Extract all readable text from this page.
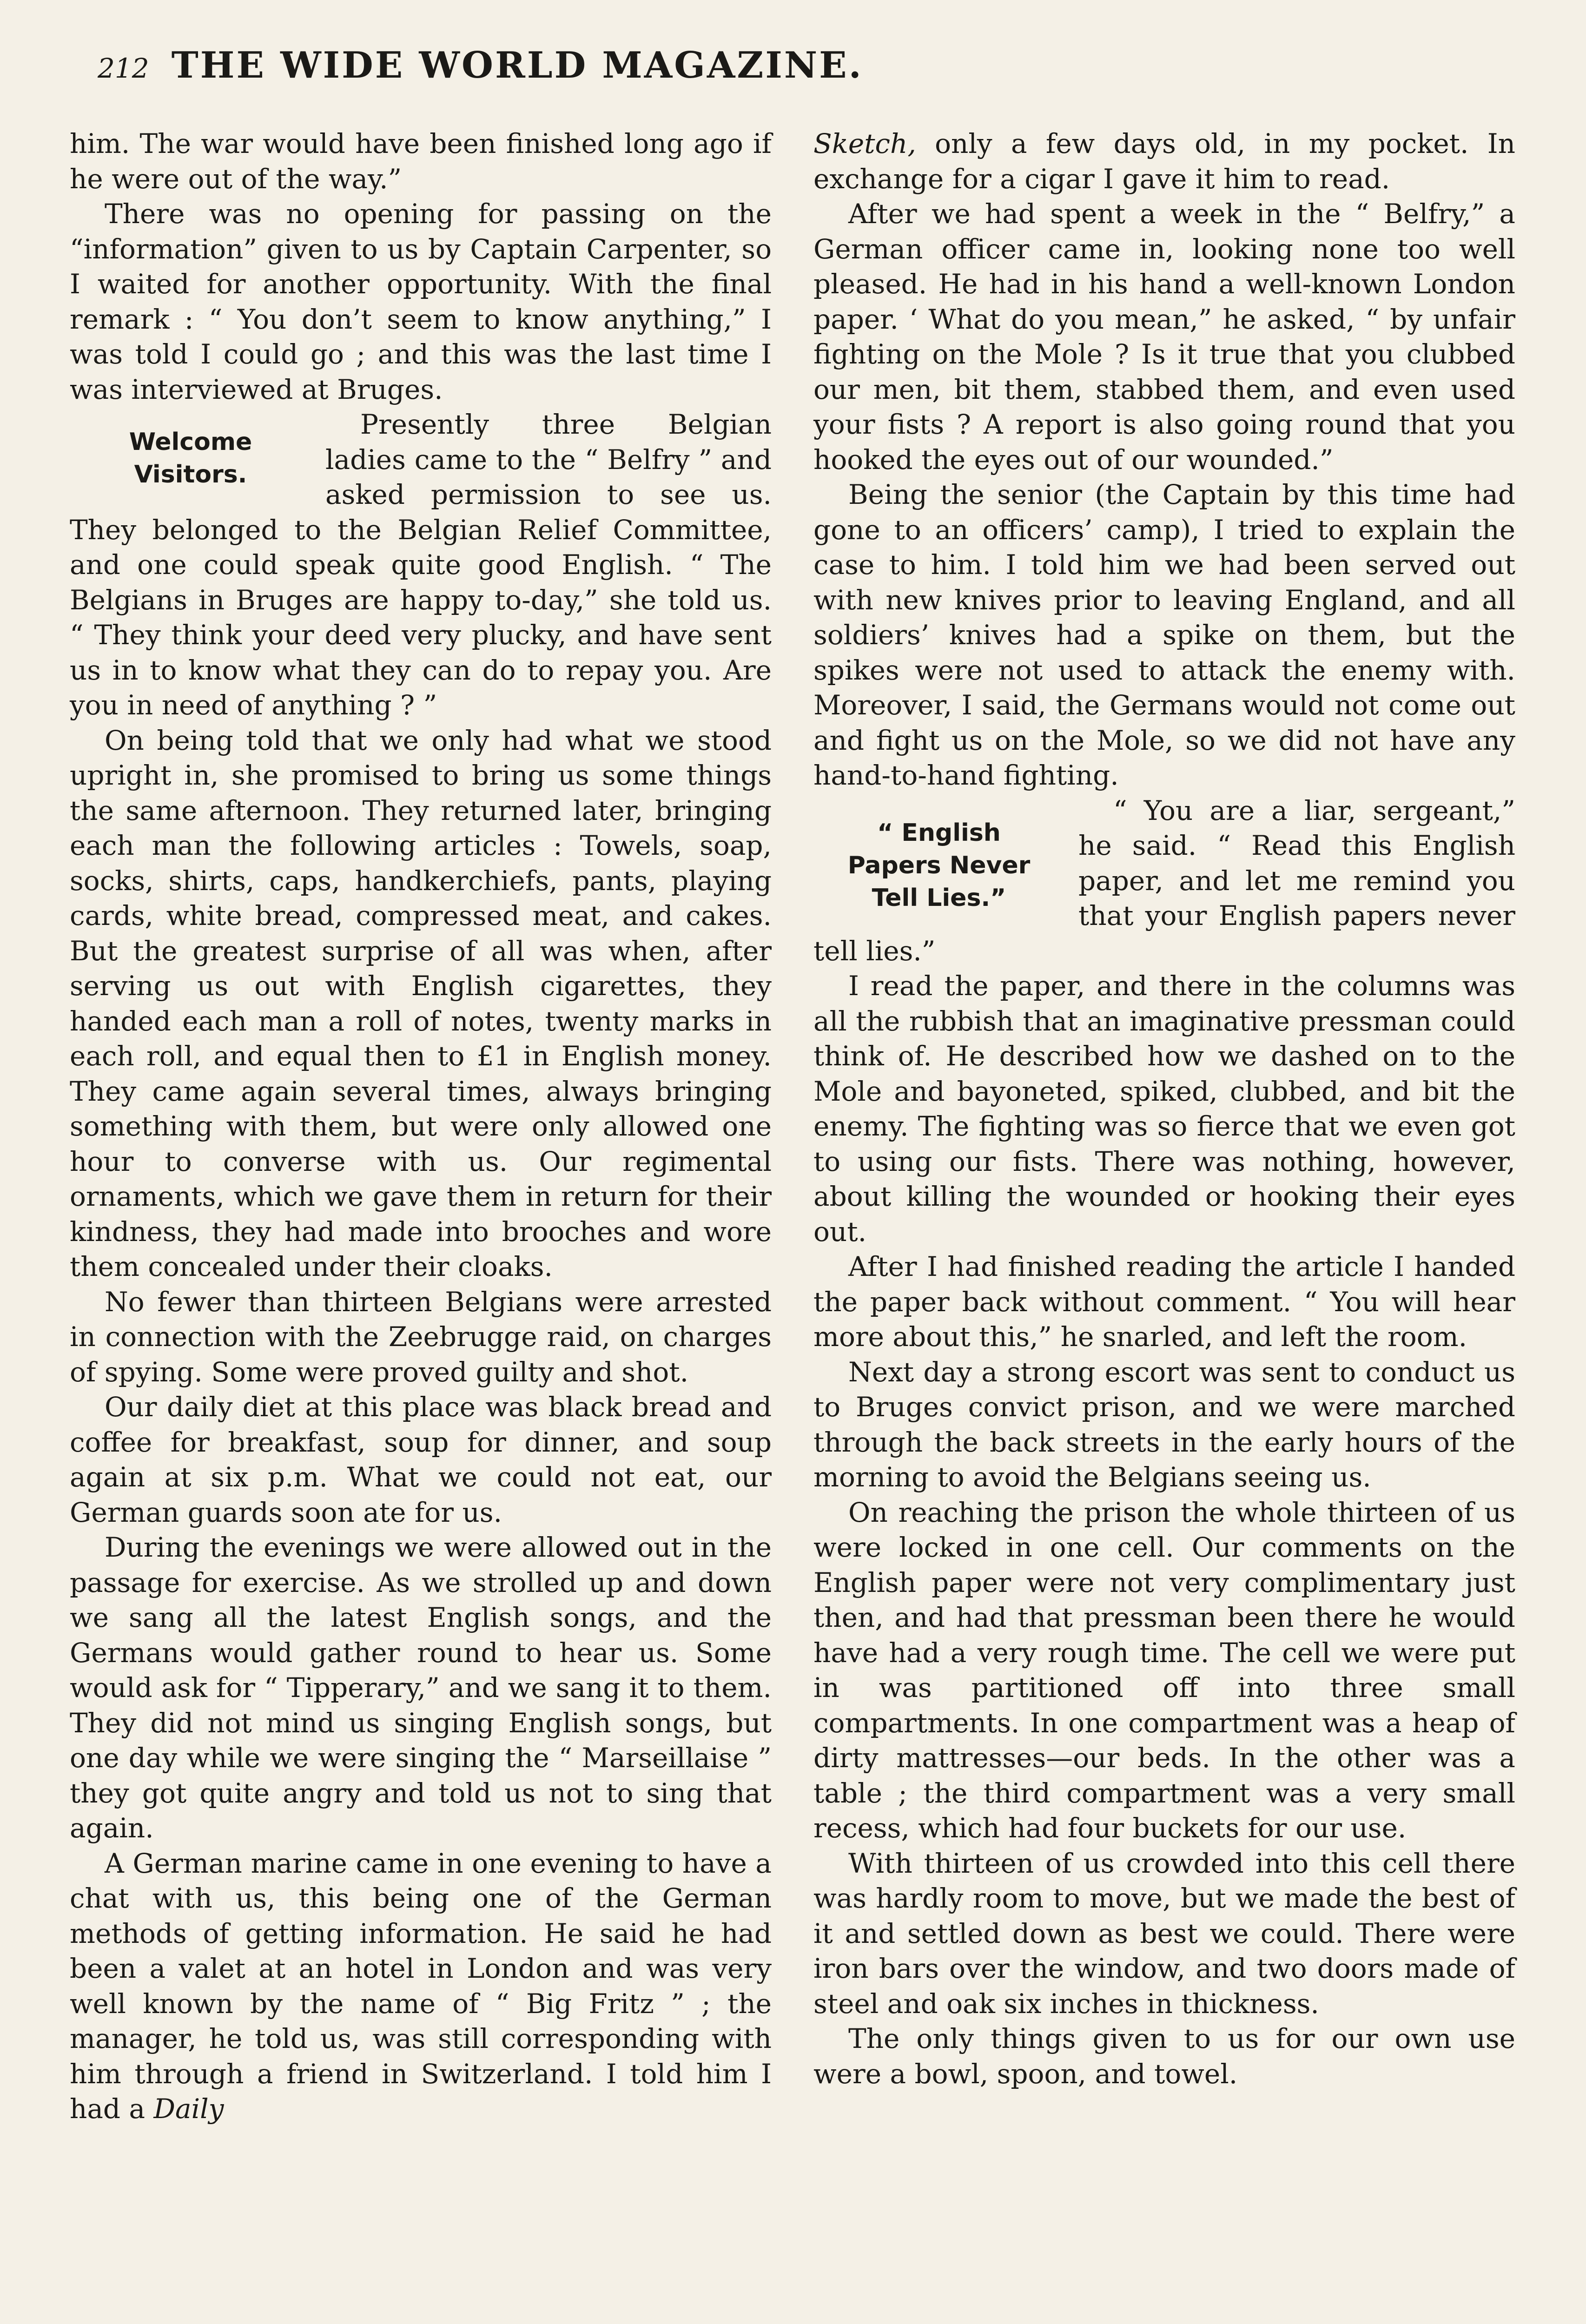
212 THE WIDE WORLD MAGAZINE.

him. The war would have been finished long ago if he were out of the way.”

There was no opening for passing on the “information” given to us by Captain Carpenter, so I waited for another opportunity. With the final remark : “ You don’t seem to know anything,” I was told I could go ; and this was the last time I was interviewed at Bruges.

Welcome
Visitors.

Presently three Belgian ladies came to the “ Belfry ” and asked permission to see us. They belonged to the Belgian Relief Committee, and one could speak quite good English. “ The Belgians in Bruges are happy to-day,” she told us. “ They think your deed very plucky, and have sent us in to know what they can do to repay you. Are you in need of anything ? ”

On being told that we only had what we stood upright in, she promised to bring us some things the same afternoon. They returned later, bringing each man the following articles : Towels, soap, socks, shirts, caps, handkerchiefs, pants, playing cards, white bread, compressed meat, and cakes. But the greatest surprise of all was when, after serving us out with English cigarettes, they handed each man a roll of notes, twenty marks in each roll, and equal then to £1 in English money. They came again several times, always bringing something with them, but were only allowed one hour to converse with us. Our regimental ornaments, which we gave them in return for their kindness, they had made into brooches and wore them concealed under their cloaks.

No fewer than thirteen Belgians were arrested in connection with the Zeebrugge raid, on charges of spying. Some were proved guilty and shot.

Our daily diet at this place was black bread and coffee for breakfast, soup for dinner, and soup again at six p.m. What we could not eat, our German guards soon ate for us.

During the evenings we were allowed out in the passage for exercise. As we strolled up and down we sang all the latest English songs, and the Germans would gather round to hear us. Some would ask for “ Tipperary,” and we sang it to them. They did not mind us singing English songs, but one day while we were singing the “ Marseillaise ” they got quite angry and told us not to sing that again.

A German marine came in one evening to have a chat with us, this being one of the German methods of getting information. He said he had been a valet at an hotel in London and was very well known by the name of “ Big Fritz ” ; the manager, he told us, was still corresponding with him through a friend in Switzerland. I told him I had a Daily

Sketch, only a few days old, in my pocket. In exchange for a cigar I gave it him to read.

After we had spent a week in the “ Belfry,” a German officer came in, looking none too well pleased. He had in his hand a well-known London paper. ‘ What do you mean,” he asked, “ by unfair fighting on the Mole ? Is it true that you clubbed our men, bit them, stabbed them, and even used your fists ? A report is also going round that you hooked the eyes out of our wounded.”

Being the senior (the Captain by this time had gone to an officers’ camp), I tried to explain the case to him. I told him we had been served out with new knives prior to leaving England, and all soldiers’ knives had a spike on them, but the spikes were not used to attack the enemy with. Moreover, I said, the Germans would not come out and fight us on the Mole, so we did not have any hand-to-hand fighting.

“ English
Papers Never
Tell Lies.”

“ You are a liar, sergeant,” he said. “ Read this English paper, and let me remind you that your English papers never tell lies.”

I read the paper, and there in the columns was all the rubbish that an imaginative pressman could think of. He described how we dashed on to the Mole and bayoneted, spiked, clubbed, and bit the enemy. The fighting was so fierce that we even got to using our fists. There was nothing, however, about killing the wounded or hooking their eyes out.

After I had finished reading the article I handed the paper back without comment. “ You will hear more about this,” he snarled, and left the room.

Next day a strong escort was sent to conduct us to Bruges convict prison, and we were marched through the back streets in the early hours of the morning to avoid the Belgians seeing us.

On reaching the prison the whole thirteen of us were locked in one cell. Our comments on the English paper were not very complimentary just then, and had that pressman been there he would have had a very rough time. The cell we were put in was partitioned off into three small compartments. In one compartment was a heap of dirty mattresses—our beds. In the other was a table ; the third compartment was a very small recess, which had four buckets for our use.

With thirteen of us crowded into this cell there was hardly room to move, but we made the best of it and settled down as best we could. There were iron bars over the window, and two doors made of steel and oak six inches in thickness.

The only things given to us for our own use were a bowl, spoon, and towel.
